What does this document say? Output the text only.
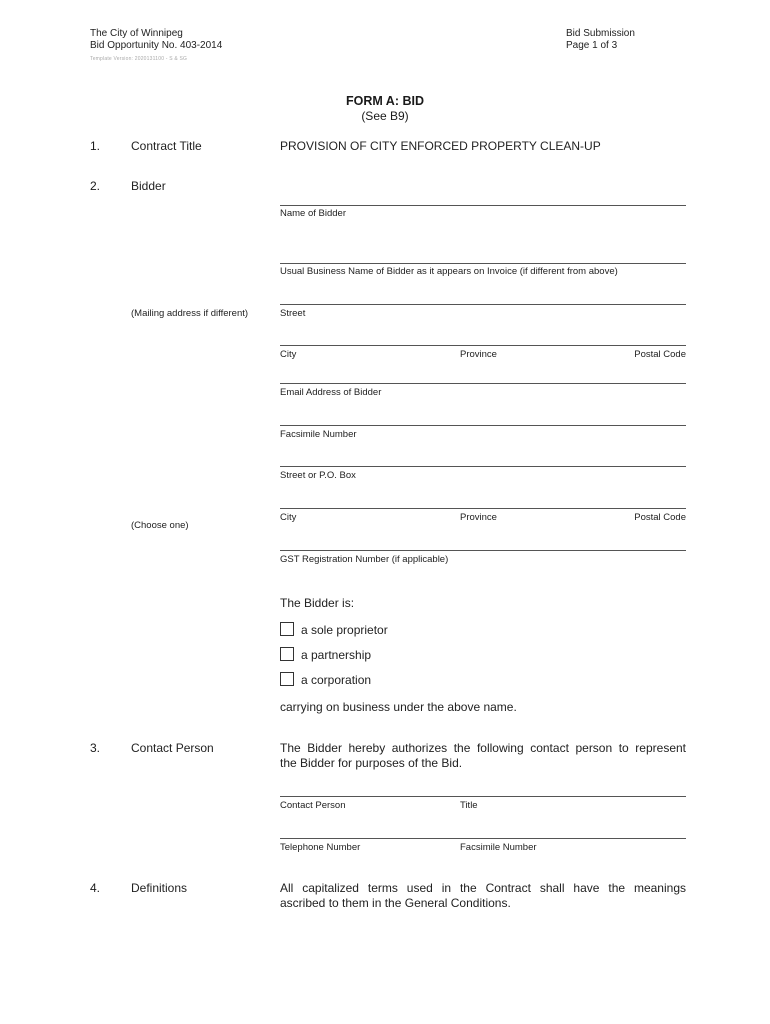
The City of Winnipeg
Bid Opportunity No. 403-2014
Template Version: 2020131100 - S & SG
Bid Submission
Page 1 of 3
FORM A: BID
(See B9)
1.	Contract Title	PROVISION OF CITY ENFORCED PROPERTY CLEAN-UP
2.	Bidder
Name of Bidder
Usual Business Name of Bidder as it appears on Invoice (if different from above)
(Mailing address if different)	Street
City	Province	Postal Code
Email Address of Bidder
Facsimile Number
Street or P.O. Box
City	Province	Postal Code
(Choose one)
GST Registration Number (if applicable)
The Bidder is:
a sole proprietor
a partnership
a corporation
carrying on business under the above name.
3.	Contact Person	The Bidder hereby authorizes the following contact person to represent
the Bidder for purposes of the Bid.
Contact Person	Title
Telephone Number	Facsimile Number
4.	Definitions	All capitalized terms used in the Contract shall have the meanings
ascribed to them in the General Conditions.
